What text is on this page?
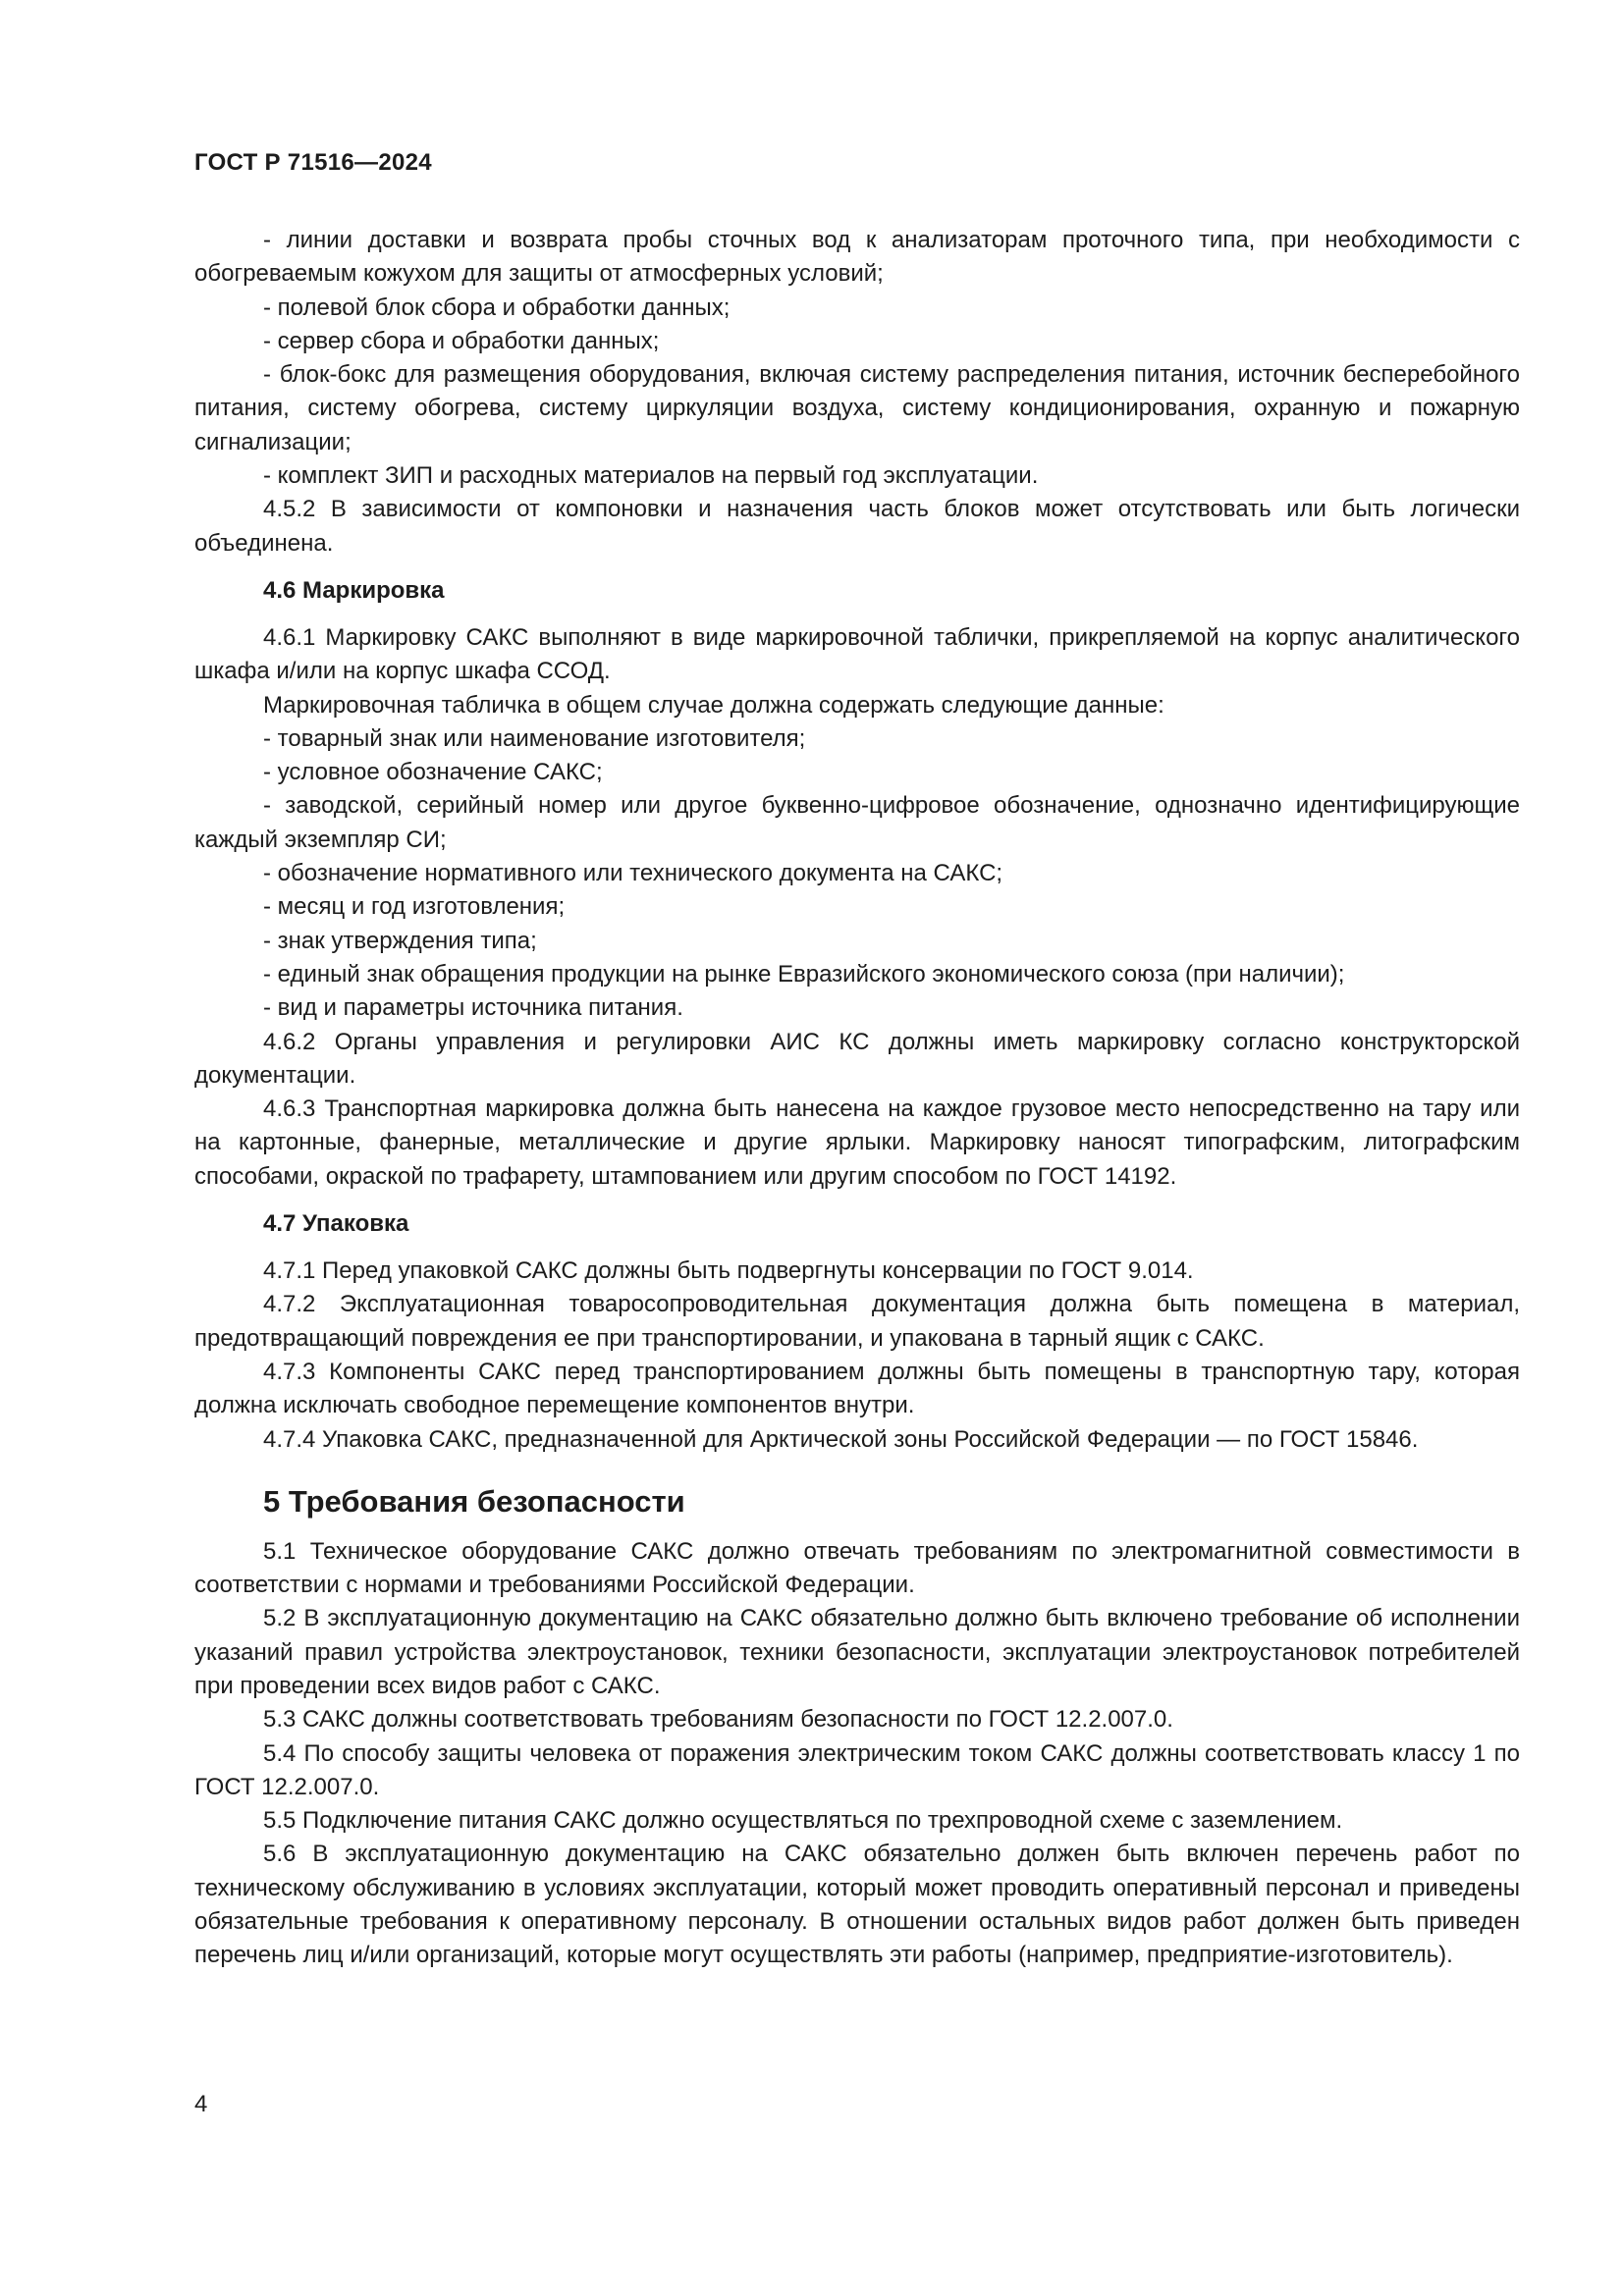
ГОСТ Р 71516—2024

- линии доставки и возврата пробы сточных вод к анализаторам проточного типа, при необходимости с обогреваемым кожухом для защиты от атмосферных условий;

- полевой блок сбора и обработки данных;

- сервер сбора и обработки данных;

- блок-бокс для размещения оборудования, включая систему распределения питания, источник бесперебойного питания, систему обогрева, систему циркуляции воздуха, систему кондиционирования, охранную и пожарную сигнализации;

- комплект ЗИП и расходных материалов на первый год эксплуатации.

4.5.2 В зависимости от компоновки и назначения часть блоков может отсутствовать или быть логически объединена.

4.6 Маркировка

4.6.1 Маркировку САКС выполняют в виде маркировочной таблички, прикрепляемой на корпус аналитического шкафа и/или на корпус шкафа ССОД.

Маркировочная табличка в общем случае должна содержать следующие данные:

- товарный знак или наименование изготовителя;

- условное обозначение САКС;

- заводской, серийный номер или другое буквенно-цифровое обозначение, однозначно идентифицирующие каждый экземпляр СИ;

- обозначение нормативного или технического документа на САКС;

- месяц и год изготовления;

- знак утверждения типа;

- единый знак обращения продукции на рынке Евразийского экономического союза (при наличии);

- вид и параметры источника питания.

4.6.2 Органы управления и регулировки АИС КС должны иметь маркировку согласно конструкторской документации.

4.6.3 Транспортная маркировка должна быть нанесена на каждое грузовое место непосредственно на тару или на картонные, фанерные, металлические и другие ярлыки. Маркировку наносят типографским, литографским способами, окраской по трафарету, штампованием или другим способом по ГОСТ 14192.

4.7 Упаковка

4.7.1 Перед упаковкой САКС должны быть подвергнуты консервации по ГОСТ 9.014.

4.7.2 Эксплуатационная товаросопроводительная документация должна быть помещена в материал, предотвращающий повреждения ее при транспортировании, и упакована в тарный ящик с САКС.

4.7.3 Компоненты САКС перед транспортированием должны быть помещены в транспортную тару, которая должна исключать свободное перемещение компонентов внутри.

4.7.4 Упаковка САКС, предназначенной для Арктической зоны Российской Федерации — по ГОСТ 15846.

5 Требования безопасности

5.1 Техническое оборудование САКС должно отвечать требованиям по электромагнитной совместимости в соответствии с нормами и требованиями Российской Федерации.

5.2 В эксплуатационную документацию на САКС обязательно должно быть включено требование об исполнении указаний правил устройства электроустановок, техники безопасности, эксплуатации электроустановок потребителей при проведении всех видов работ с САКС.

5.3 САКС должны соответствовать требованиям безопасности по ГОСТ 12.2.007.0.

5.4 По способу защиты человека от поражения электрическим током САКС должны соответствовать классу 1 по ГОСТ 12.2.007.0.

5.5 Подключение питания САКС должно осуществляться по трехпроводной схеме с заземлением.

5.6 В эксплуатационную документацию на САКС обязательно должен быть включен перечень работ по техническому обслуживанию в условиях эксплуатации, который может проводить оперативный персонал и приведены обязательные требования к оперативному персоналу. В отношении остальных видов работ должен быть приведен перечень лиц и/или организаций, которые могут осуществлять эти работы (например, предприятие-изготовитель).

4
